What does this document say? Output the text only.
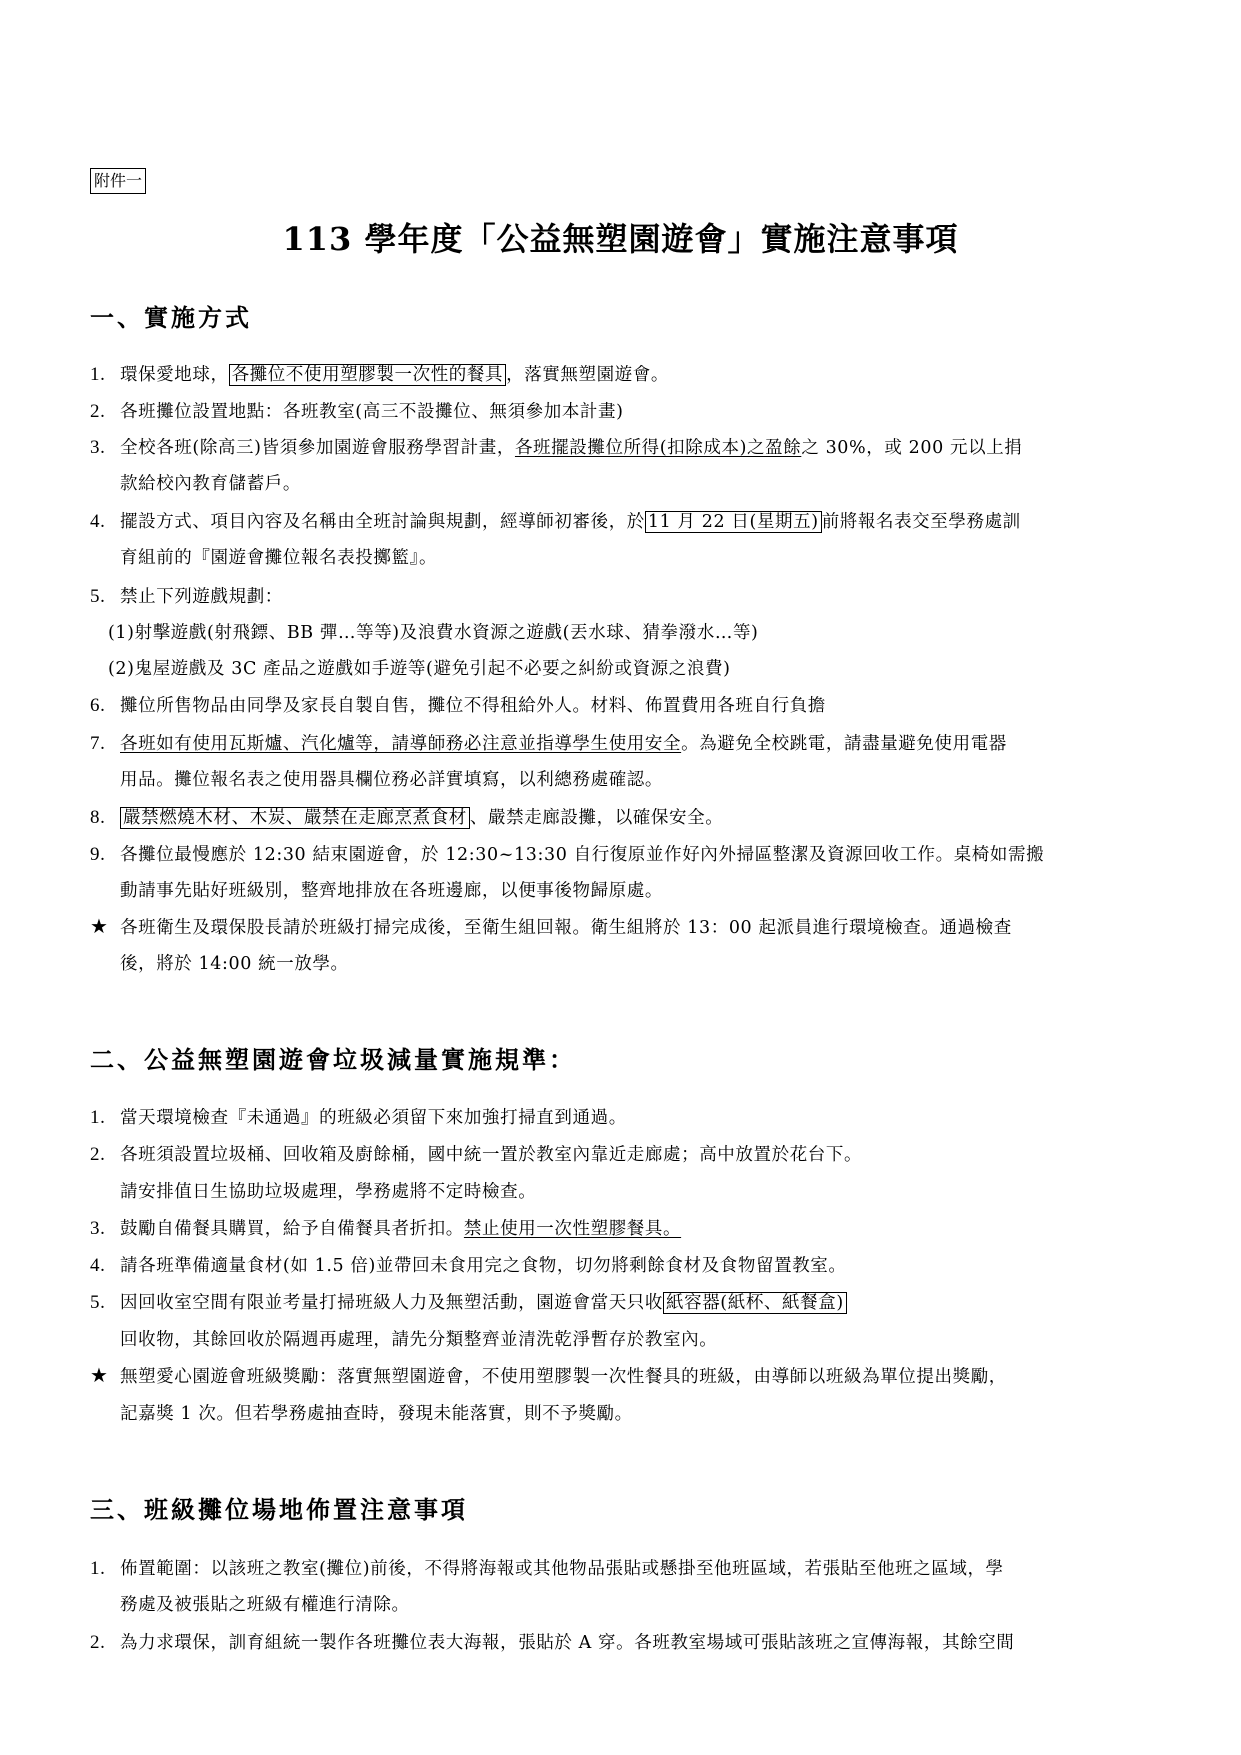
附件一
113 學年度「公益無塑園遊會」實施注意事項
一、實施方式
1. 環保愛地球， 各攤位不使用塑膠製一次性的餐具 ，落實無塑園遊會。
2. 各班攤位設置地點：各班教室(高三不設攤位、無須參加本計畫)
3. 全校各班(除高三)皆須參加園遊會服務學習計畫，各班擺設攤位所得(扣除成本)之盈餘之 30%，或 200 元以上捐
款給校內教育儲蓄戶。
4. 擺設方式、項目內容及名稱由全班討論與規劃，經導師初審後，於 11 月 22 日(星期五) 前將報名表交至學務處訓
育組前的『園遊會攤位報名表投擲籃』。
5. 禁止下列遊戲規劃：
(1)射擊遊戲(射飛鏢、BB 彈…等等)及浪費水資源之遊戲(丟水球、猜拳潑水…等)
(2)鬼屋遊戲及 3C 產品之遊戲如手遊等(避免引起不必要之糾紛或資源之浪費)
6. 攤位所售物品由同學及家長自製自售，攤位不得租給外人。材料、佈置費用各班自行負擔
7. 各班如有使用瓦斯爐、汽化爐等，請導師務必注意並指導學生使用安全。為避免全校跳電，請盡量避免使用電器
用品。攤位報名表之使用器具欄位務必詳實填寫，以利總務處確認。
8. 嚴禁燃燒木材、木炭、嚴禁在走廊烹煮食材 、嚴禁走廊設攤，以確保安全。
9. 各攤位最慢應於 12:30 結束園遊會，於 12:30~13:30 自行復原並作好內外掃區整潔及資源回收工作。桌椅如需搬
動請事先貼好班級別，整齊地排放在各班邊廊，以便事後物歸原處。
★ 各班衛生及環保股長請於班級打掃完成後，至衛生組回報。衛生組將於 13：00 起派員進行環境檢查。通過檢查
後，將於 14:00 統一放學。
二、公益無塑園遊會垃圾減量實施規準：
1. 當天環境檢查『未通過』的班級必須留下來加強打掃直到通過。
2. 各班須設置垃圾桶、回收箱及廚餘桶，國中統一置於教室內靠近走廊處；高中放置於花台下。
請安排值日生協助垃圾處理，學務處將不定時檢查。
3. 鼓勵自備餐具購買，給予自備餐具者折扣。禁止使用一次性塑膠餐具。
4. 請各班準備適量食材(如 1.5 倍)並帶回未食用完之食物，切勿將剩餘食材及食物留置教室。
5. 因回收室空間有限並考量打掃班級人力及無塑活動，園遊會當天只收 紙容器(紙杯、紙餐盒)
回收物，其餘回收於隔週再處理，請先分類整齊並清洗乾淨暫存於教室內。
★ 無塑愛心園遊會班級獎勵：落實無塑園遊會，不使用塑膠製一次性餐具的班級，由導師以班級為單位提出獎勵，
記嘉獎 1 次。但若學務處抽查時，發現未能落實，則不予獎勵。
三、班級攤位場地佈置注意事項
1. 佈置範圍：以該班之教室(攤位)前後，不得將海報或其他物品張貼或懸掛至他班區域，若張貼至他班之區域，學
務處及被張貼之班級有權進行清除。
2. 為力求環保，訓育組統一製作各班攤位表大海報，張貼於 A 穿。各班教室場域可張貼該班之宣傳海報，其餘空間
